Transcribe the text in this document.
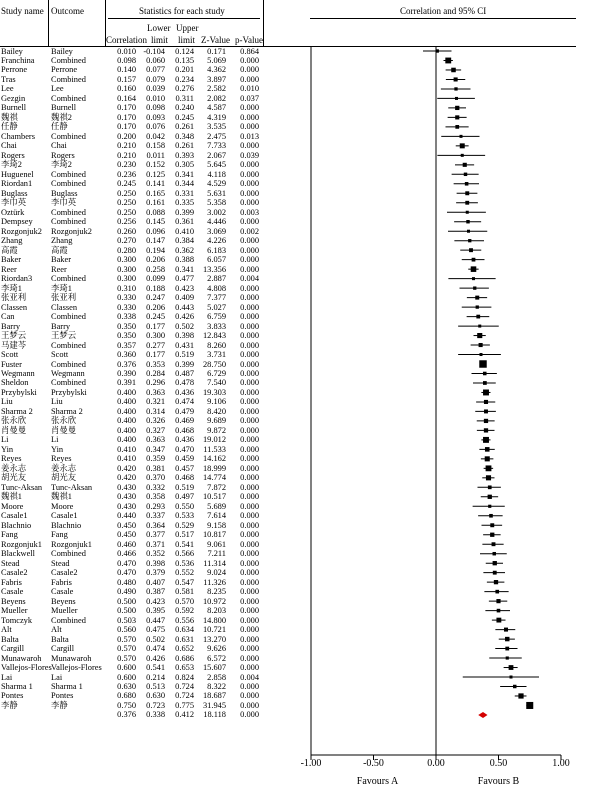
Study name Outcome	Statistics for each study	Correlation and 95% CI
Lower Upper
Correlation limit limit Z-Value p-Value
Bailey	Bailey	0.010 -0.104	0.124	0.171	0.864
Franchina Combined	0.098	0.060	0.135	5.069	0.000
Perrone	Perrone	0.140	0.077	0.201	4.362	0.000
Tras	Combined	0.157	0.079	0.234	3.897	0.000
Lee	Lee	0.160	0.039	0.276	2.582	0.010
Gezgin	Combined	0.164	0.010	0.311	2.082	0.037
Burnell	Burnell	0.170	0.098	0.240	4.587	0.000
魏祺	魏祺2	0.170	0.093	0.245	4.319	0.000
任静	任静	0.170	0.076	0.261	3.535	0.000
Chambers Combined	0.200	0.042	0.348	2.475	0.013
Chai	Chai	0.210	0.158	0.261	7.733	0.000
Rogers	Rogers	0.210	0.011	0.393	2.067	0.039
李琦2	李琦2	0.230	0.152	0.305	5.645	0.000
Huguenel Combined	0.236	0.125	0.341	4.118	0.000
Riordan1 Combined	0.245	0.141	0.344	4.529	0.000
Buglass	Buglass	0.250	0.165	0.331	5.631	0.000
李巾英	李巾英	0.250	0.161	0.335	5.358	0.000
Oztürk	Combined	0.250	0.088	0.399	3.002	0.003
Dempsey Combined	0.256	0.145	0.361	4.446	0.000
Rozgonjuk2 Rozgonjuk2	0.260	0.096	0.410	3.069	0.002
Zhang	Zhang	0.270	0.147	0.384	4.226	0.000
高霞	高霞	0.280	0.194	0.362	6.183	0.000
Baker	Baker	0.300	0.206	0.388	6.057	0.000
Reer	Reer	0.300	0.258	0.341	13.356	0.000
Riordan3 Combined	0.300	0.099	0.477	2.887	0.004
李琦1	李琦1	0.310	0.188	0.423	4.808	0.000
张亚利	张亚利	0.330	0.247	0.409	7.377	0.000
Classen	Classen	0.330	0.206	0.443	5.027	0.000
Can	Combined	0.338	0.245	0.426	6.759	0.000
Barry	Barry	0.350	0.177	0.502	3.833	0.000
王梦云	王梦云	0.350	0.300	0.398	12.843	0.000
马建芩	Combined	0.357	0.277	0.431	8.260	0.000
Scott	Scott	0.360	0.177	0.519	3.731	0.000
Fuster	Combined	0.376	0.353	0.399	28.750	0.000
Wegmann Wegmann	0.390	0.284	0.487	6.729	0.000
Sheldon	Combined	0.391	0.296	0.478	7.540	0.000
Przybylski Przybylski	0.400	0.363	0.436	19.303	0.000
Liu	Liu	0.400	0.321	0.474	9.106	0.000
Sharma 2 Sharma 2	0.400	0.314	0.479	8.420	0.000
张永欣	张永欣	0.400	0.326	0.469	9.689	0.000
肖曼曼	肖曼曼	0.400	0.327	0.468	9.872	0.000
Li	Li	0.400	0.363	0.436	19.012	0.000
Yin	Yin	0.410	0.347	0.470	11.533	0.000
Reyes	Reyes	0.410	0.359	0.459	14.162	0.000
姜永志	姜永志	0.420	0.381	0.457	18.999	0.000
胡光友	胡光友	0.420	0.370	0.468	14.774	0.000
Tunc-Aksan Tunc-Aksan	0.430	0.332	0.519	7.872	0.000
魏祺1	魏祺1	0.430	0.358	0.497	10.517	0.000
Moore	Moore	0.430	0.293	0.550	5.689	0.000
Casale1	Casale1	0.440	0.337	0.533	7.614	0.000
Blachnio Blachnio	0.450	0.364	0.529	9.158	0.000
Fang	Fang	0.450	0.377	0.517	10.817	0.000
Rozgonjuk1 Rozgonjuk1	0.460	0.371	0.541	9.061	0.000
Blackwell Combined	0.466	0.352	0.566	7.211	0.000
Stead	Stead	0.470	0.398	0.536	11.314	0.000
Casale2	Casale2	0.470	0.379	0.552	9.024	0.000
Fabris	Fabris	0.480	0.407	0.547	11.326	0.000
Casale	Casale	0.490	0.387	0.581	8.235	0.000
Beyens	Beyens	0.500	0.423	0.570	10.972	0.000
Mueller	Mueller	0.500	0.395	0.592	8.203	0.000
Tomczyk Combined	0.503	0.447	0.556	14.800	0.000
Alt	Alt	0.560	0.475	0.634	10.721	0.000
Balta	Balta	0.570	0.502	0.631	13.270	0.000
Cargill	Cargill	0.570	0.474	0.652	9.626	0.000
Munawaroh Munawaroh	0.570	0.426	0.686	6.572	0.000
Vallejos-Flores Vallejos-Flores	0.600	0.541	0.653	15.607	0.000
Lai	Lai	0.600	0.214	0.824	2.858	0.004
Sharma 1 Sharma 1	0.630	0.513	0.724	8.322	0.000
Pontes	Pontes	0.680	0.630	0.724	18.687	0.000
李静	李静	0.750	0.723	0.775	31.945	0.000
0.376	0.338	0.412	18.118	0.000
-1.00	-0.50	0.00	0.50	1.00
Favours A	Favours B
